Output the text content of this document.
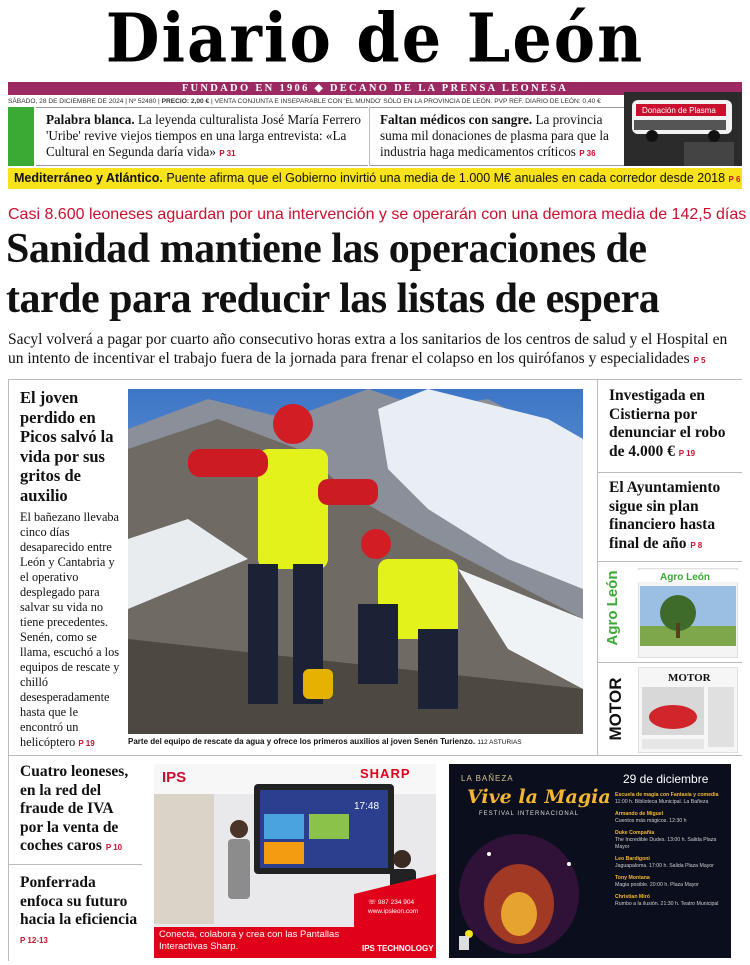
Diario de León
FUNDADO EN 1906 ◆ DECANO DE LA PRENSA LEONESA
SÁBADO, 28 DE DICIEMBRE DE 2024 | Nº 52480 | PRECIO: 2,00 € | VENTA CONJUNTA E INSEPARABLE CON 'EL MUNDO' SÓLO EN LA PROVINCIA DE LEÓN. PVP REF. DIARIO DE LEÓN: 0,40 €
Palabra blanca. La leyenda culturalista José María Ferrero 'Uribe' revive viejos tiempos en una larga entrevista: «La Cultural en Segunda daría vida» P 31
Faltan médicos con sangre. La provincia suma mil donaciones de plasma para que la industria haga medicamentos críticos P 36
Donación de Plasma
Mediterráneo y Atlántico. Puente afirma que el Gobierno invirtió una media de 1.000 M€ anuales en cada corredor desde 2018 P 6
Casi 8.600 leoneses aguardan por una intervención y se operarán con una demora media de 142,5 días
Sanidad mantiene las operaciones de
tarde para reducir las listas de espera
Sacyl volverá a pagar por cuarto año consecutivo horas extra a los sanitarios de los centros de salud y el Hospital en un intento de incentivar el trabajo fuera de la jornada para frenar el colapso en los quirófanos y especialidades P 5
El joven perdido en Picos salvó la vida por sus gritos de auxilio
El bañezano llevaba cinco días desaparecido entre León y Cantabria y el operativo desplegado para salvar su vida no tiene precedentes. Senén, como se llama, escuchó a los equipos de rescate y chilló desesperadamente hasta que le encontró un helicóptero P 19	Parte del equipo de rescate da agua y ofrece los primeros auxilios al joven Senén Turienzo. 112 ASTURIAS
Investigada en Cistierna por denunciar el robo de 4.000 € P 19
El Ayuntamiento sigue sin plan financiero hasta final de año P 8
Agro León	Agro León
MOTOR	MOTOR
Cuatro leoneses, en la red del fraude de IVA por la venta de coches caros P 10
Ponferrada enfoca su futuro hacia la eficiencia P 12-13
17:48
IPS	SHARP
☏ 987 234 904
www.ipsleon.com
Conecta, colabora y crea con las Pantallas Interactivas Sharp.	IPS TECHNOLOGY
LA BAÑEZA
Vive la Magia
FESTIVAL INTERNACIONAL
29 de diciembre
Escuela de magia con Fantasía y comedia
11:00 h. Biblioteca Municipal. La Bañeza
Armando de Miguel
Cuentos más mágicos. 12:30 h
Duke Compañía
The Incredible Dudes. 13:00 h. Salida Plaza Mayor
Leo Bardigoni
Jaguapaloma. 17:00 h. Salida Plaza Mayor
Tony Montana
Magia posible. 20:00 h. Plaza Mayor
Christian Miró
Rumbo a la ilusión. 21:30 h. Teatro Municipal
